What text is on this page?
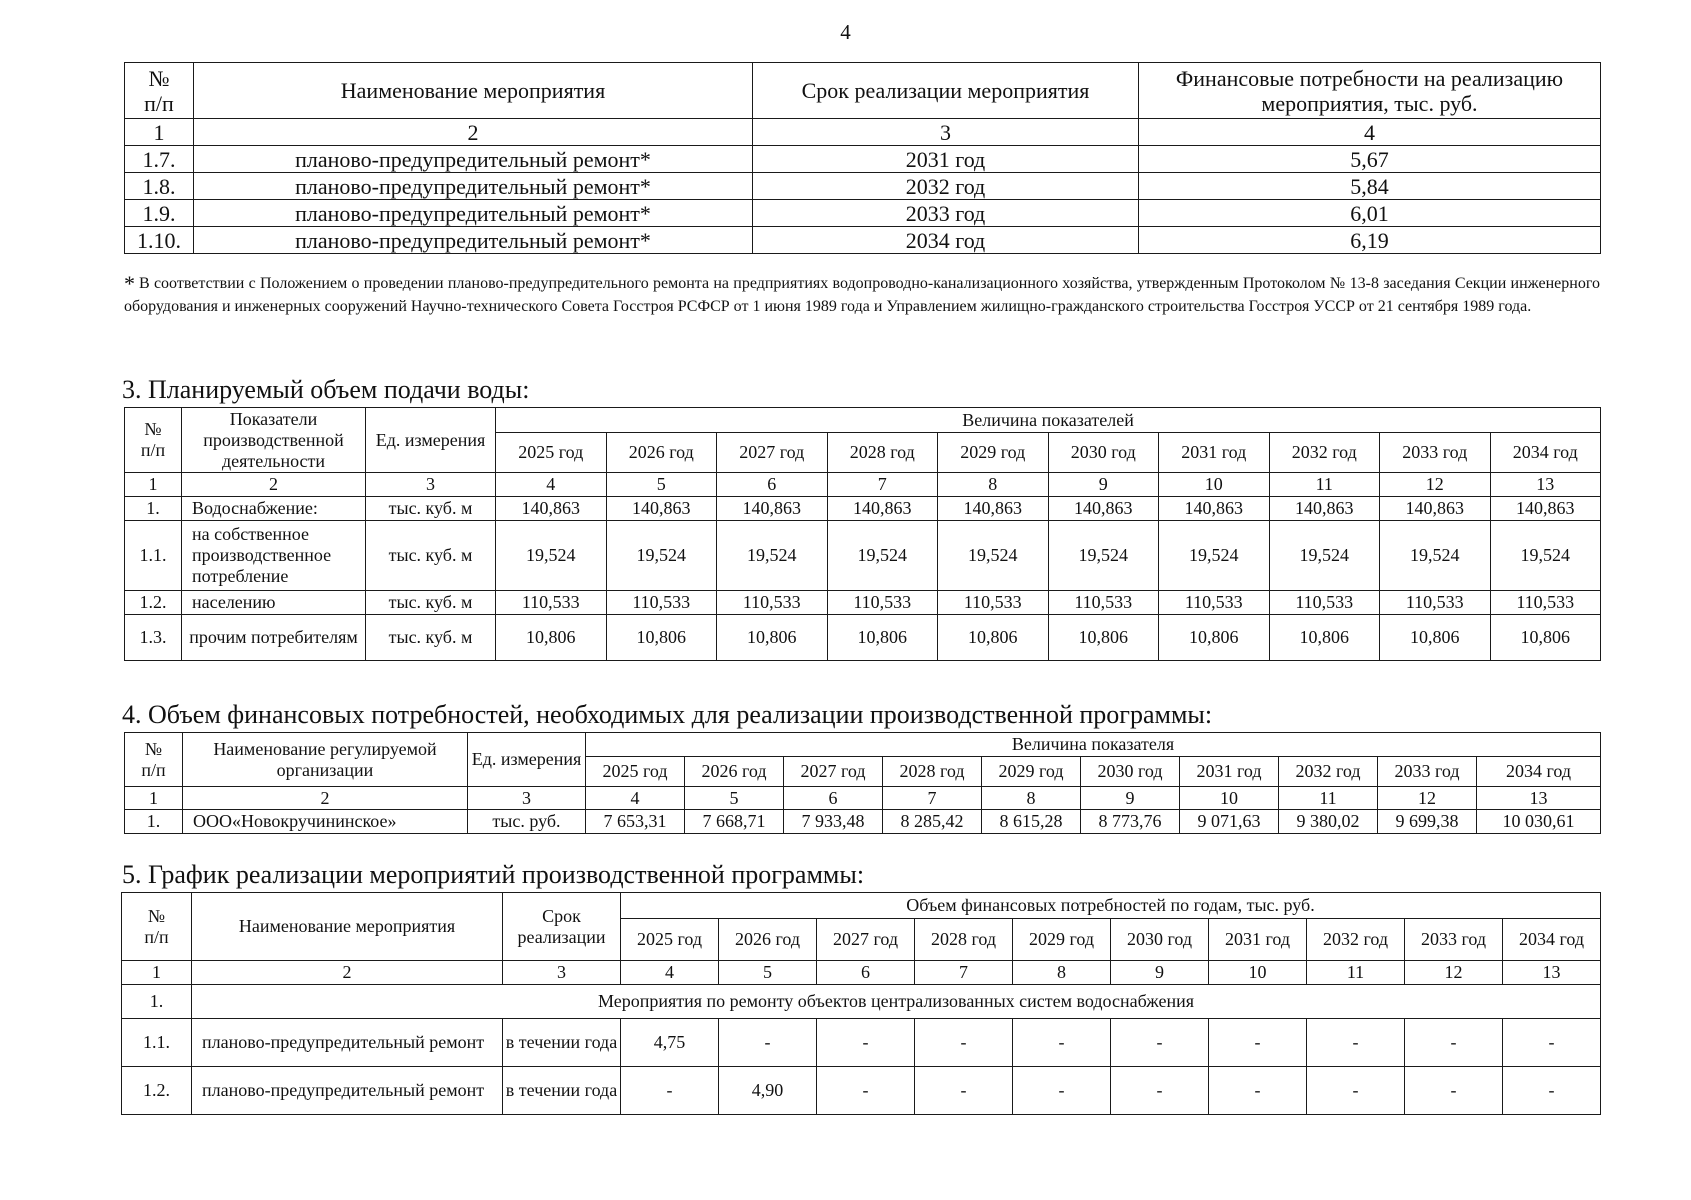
4
№
п/п	Наименование мероприятия	Срок реализации мероприятия	Финансовые потребности на реализацию мероприятия, тыс. руб.
1	2	3	4
1.7.	планово-предупредительный ремонт*	2031 год	5,67
1.8.	планово-предупредительный ремонт*	2032 год	5,84
1.9.	планово-предупредительный ремонт*	2033 год	6,01
1.10.	планово-предупредительный ремонт*	2034 год	6,19
* В соответствии с Положением о проведении планово-предупредительного ремонта на предприятиях водопроводно-канализационного хозяйства, утвержденным Протоколом № 13-8 заседания Секции инженерного оборудования и инженерных сооружений Научно-технического Совета Госстроя РСФСР от 1 июня 1989 года и Управлением жилищно-гражданского строительства Госстроя УССР от 21 сентября 1989 года.
3. Планируемый объем подачи воды:
№
п/п	Показатели производственной деятельности	Ед. измерения	Величина показателей									
			2025 год	2026 год	2027 год	2028 год	2029 год	2030 год	2031 год	2032 год	2033 год	2034 год
1	2	3	4	5	6	7	8	9	10	11	12	13
1.	Водоснабжение:	тыс. куб. м	140,863	140,863	140,863	140,863	140,863	140,863	140,863	140,863	140,863	140,863
1.1.	на собственное производственное потребление	тыс. куб. м	19,524	19,524	19,524	19,524	19,524	19,524	19,524	19,524	19,524	19,524
1.2.	населению	тыс. куб. м	110,533	110,533	110,533	110,533	110,533	110,533	110,533	110,533	110,533	110,533
1.3.	прочим потребителям	тыс. куб. м	10,806	10,806	10,806	10,806	10,806	10,806	10,806	10,806	10,806	10,806
4. Объем финансовых потребностей, необходимых для реализации производственной программы:
№
п/п	Наименование регулируемой организации	Ед. измерения	Величина показателя									
			2025 год	2026 год	2027 год	2028 год	2029 год	2030 год	2031 год	2032 год	2033 год	2034 год
1	2	3	4	5	6	7	8	9	10	11	12	13
1.	ООО«Новокручининское»	тыс. руб.	7 653,31	7 668,71	7 933,48	8 285,42	8 615,28	8 773,76	9 071,63	9 380,02	9 699,38	10 030,61
5. График реализации мероприятий производственной программы:
№
п/п	Наименование мероприятия	Срок реализации	Объем финансовых потребностей по годам, тыс. руб.									
			2025 год	2026 год	2027 год	2028 год	2029 год	2030 год	2031 год	2032 год	2033 год	2034 год
1	2	3	4	5	6	7	8	9	10	11	12	13
1.	Мероприятия по ремонту объектов централизованных систем водоснабжения											
1.1.	планово-предупредительный ремонт	в течении года	4,75	-	-	-	-	-	-	-	-	-
1.2.	планово-предупредительный ремонт	в течении года	-	4,90	-	-	-	-	-	-	-	-
